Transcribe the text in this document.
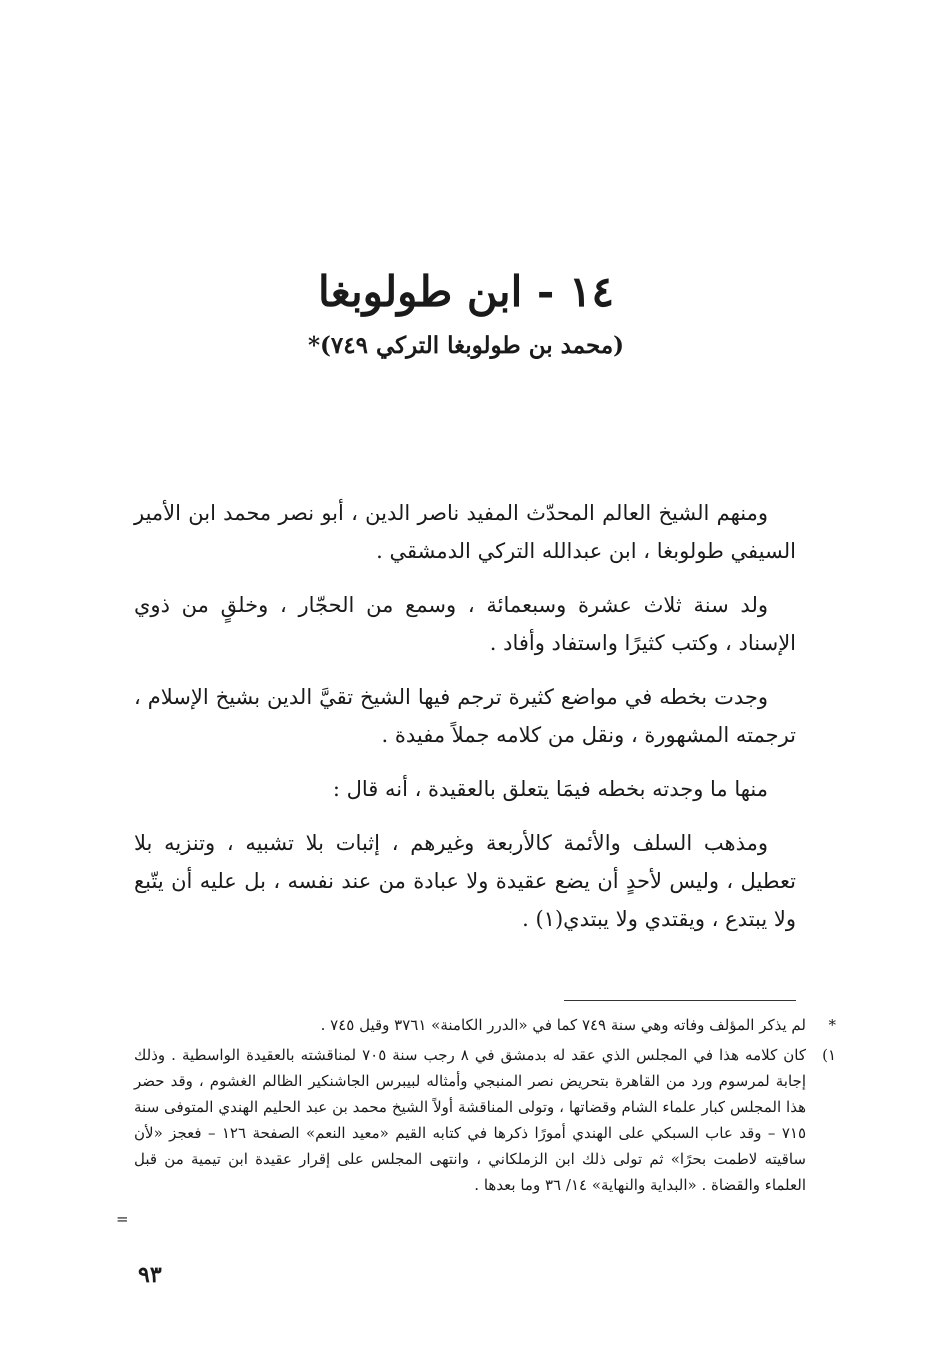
١٤ - ابن طولوبغا
(محمد بن طولوبغا التركي ٧٤٩)*

ومنهم الشيخ العالم المحدّث المفيد ناصر الدين ، أبو نصر محمد ابن الأمير السيفي طولوبغا ، ابن عبدالله التركي الدمشقي .

ولد سنة ثلاث عشرة وسبعمائة ، وسمع من الحجّار ، وخلقٍ من ذوي الإسناد ، وكتب كثيرًا واستفاد وأفاد .

وجدت بخطه في مواضع كثيرة ترجم فيها الشيخ تقيَّ الدين بشيخ الإسلام ، ترجمته المشهورة ، ونقل من كلامه جملاً مفيدة .

منها ما وجدته بخطه فيمَا يتعلق بالعقيدة ، أنه قال :

ومذهب السلف والأئمة كالأربعة وغيرهم ، إثبات بلا تشبيه ، وتنزيه بلا تعطيل ، وليس لأحدٍ أن يضع عقيدة ولا عبادة من عند نفسه ، بل عليه أن يتّبع ولا يبتدع ، ويقتدي ولا يبتدي(١) .

*
لم يذكر المؤلف وفاته وهي سنة ٧٤٩ كما في «الدرر الكامنة» ٣٧٦١ وقيل ٧٤٥ .
١)
كان كلامه هذا في المجلس الذي عقد له بدمشق في ٨ رجب سنة ٧٠٥ لمناقشته بالعقيدة الواسطية . وذلك إجابة لمرسوم ورد من القاهرة بتحريض نصر المنبجي وأمثاله لبيبرس الجاشنكير الظالم الغشوم ، وقد حضر هذا المجلس كبار علماء الشام وقضاتها ، وتولى المناقشة أولاً الشيخ محمد بن عبد الحليم الهندي المتوفى سنة ٧١٥ – وقد عاب السبكي على الهندي أمورًا ذكرها في كتابه القيم «معيد النعم» الصفحة ١٢٦ – فعجز «لأن ساقيته لاطمت بحرًا» ثم تولى ذلك ابن الزملكاني ، وانتهى المجلس على إقرار عقيدة ابن تيمية من قبل العلماء والقضاة . «البداية والنهاية» ١٤/ ٣٦ وما بعدها .
=
٩٣
